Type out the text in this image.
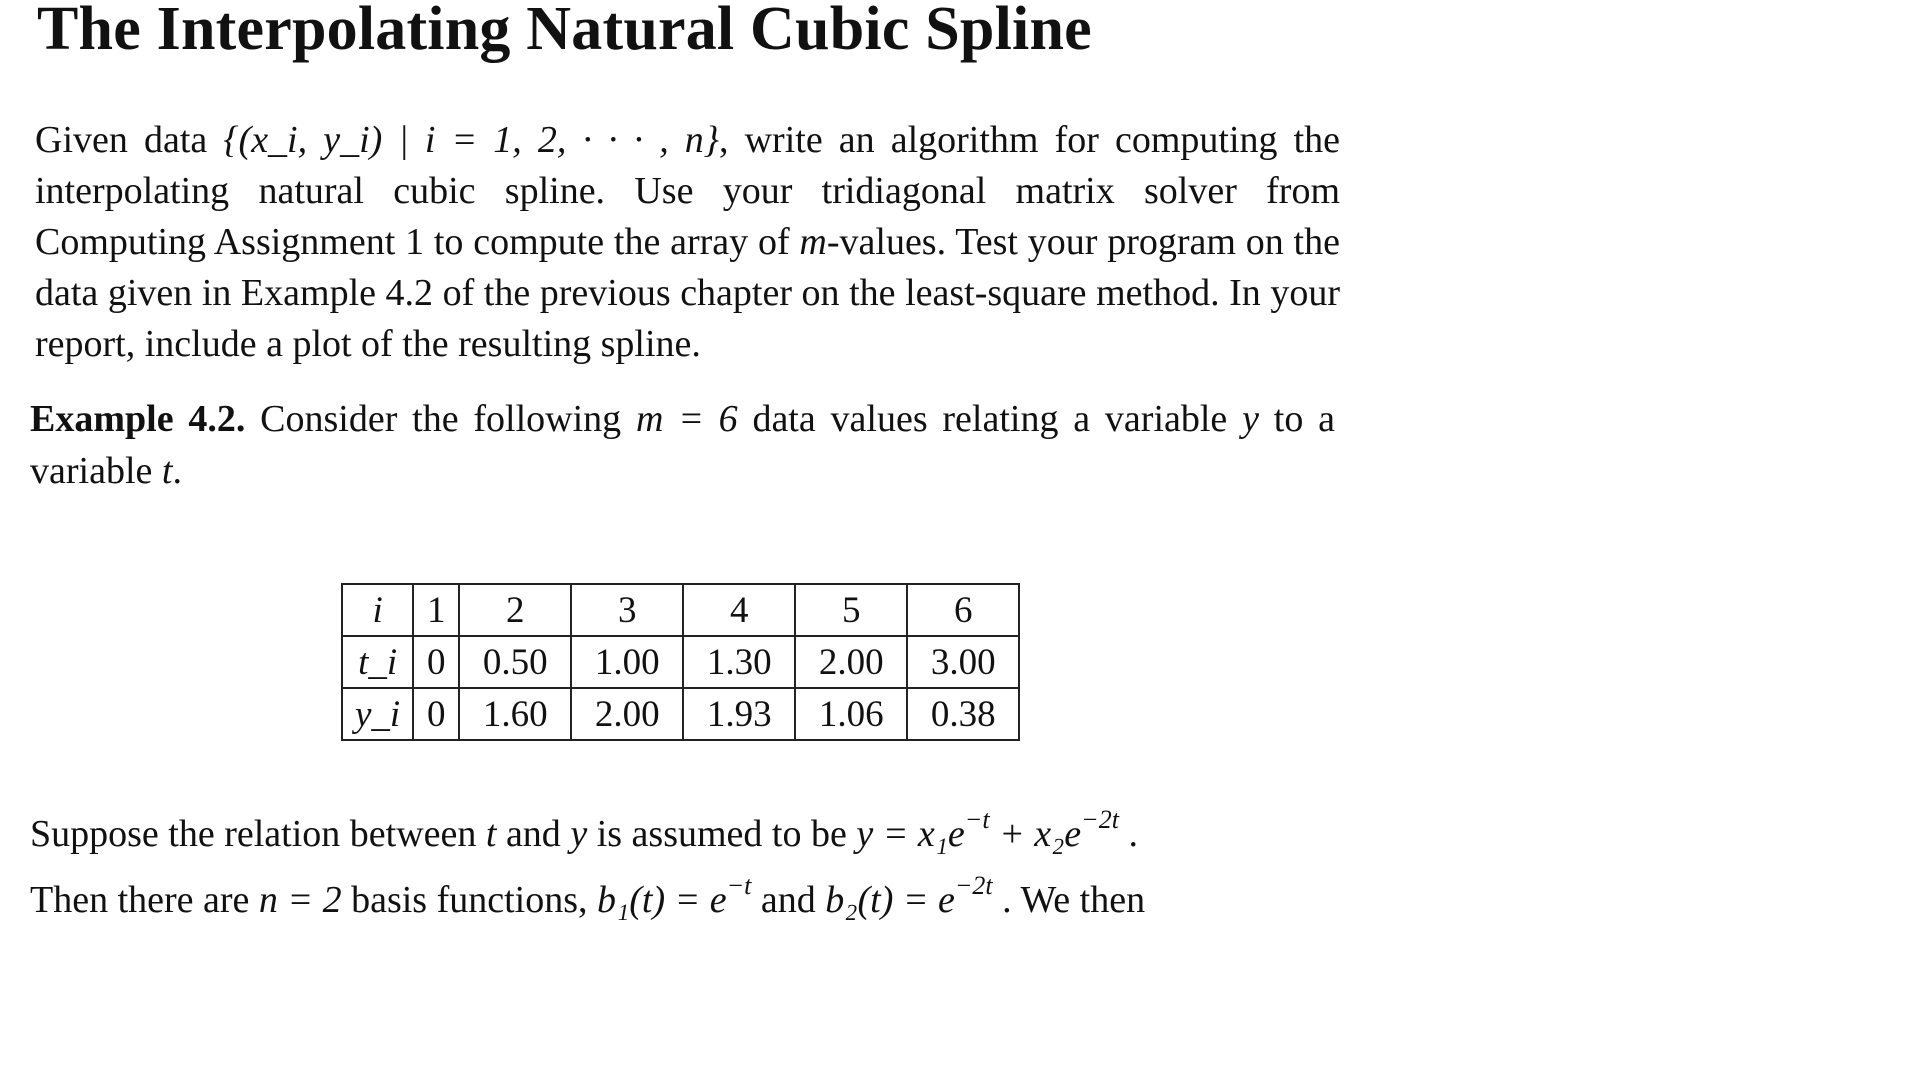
The Interpolating Natural Cubic Spline

Given data {(x_i, y_i) | i = 1, 2, · · · , n}, write an algorithm for computing the interpolating natural cubic spline. Use your tridiagonal matrix solver from Computing Assignment 1 to compute the array of m-values. Test your program on the data given in Example 4.2 of the previous chapter on the least-square method. In your report, include a plot of the resulting spline.

Example 4.2. Consider the following m = 6 data values relating a variable y to a variable t.

i	1	2	3	4	5	6
t_i	0	0.50	1.00	1.30	2.00	3.00
y_i	0	1.60	2.00	1.93	1.06	0.38

Suppose the relation between t and y is assumed to be $y = x_1e^{-t} + x_2e^{-2t}$ .
Then there are n = 2 basis functions, $b_1(t) = e^{-t}$ and $b_2(t) = e^{-2t}$ . We then
